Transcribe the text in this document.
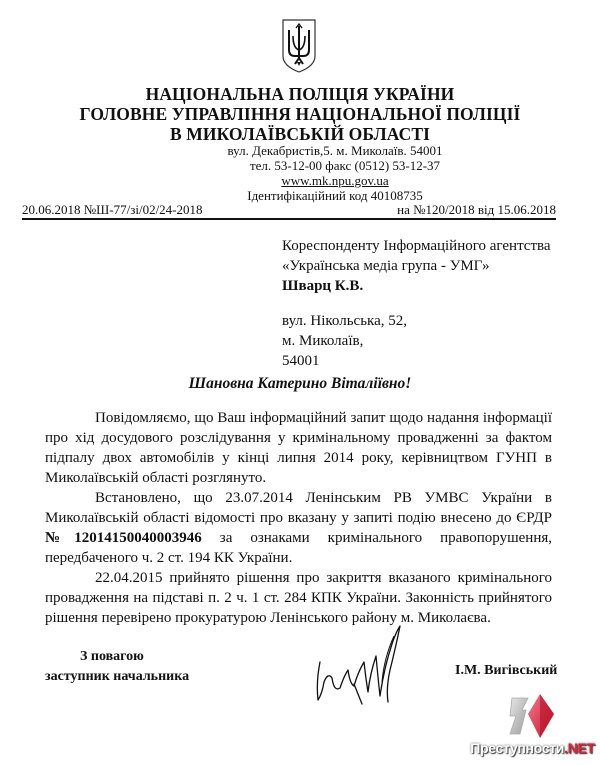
НАЦІОНАЛЬНА ПОЛІЦІЯ УКРАЇНИ
ГОЛОВНЕ УПРАВЛІННЯ НАЦІОНАЛЬНОЇ ПОЛІЦІЇ
В МИКОЛАЇВСЬКІЙ ОБЛАСТІ
вул. Декабристів,5. м. Миколаїв. 54001
тел. 53-12-00 факс (0512) 53-12-37
www.mk.npu.gov.ua
Ідентифікаційний код 40108735
20.06.2018 №Ш-77/зі/02/24-2018	на №120/2018 від 15.06.2018
Кореспонденту Інформаційного агентства
«Українська медіа група - УМГ»
Шварц К.В.
вул. Нікольська, 52,
м. Миколаїв,
54001
Шановна Катерино Віталіївно!

Повідомляємо, що Ваш інформаційний запит щодо надання інформації про хід досудового розслідування у кримінальному провадженні за фактом підпалу двох автомобілів у кінці липня 2014 року, керівництвом ГУНП в Миколаївській області розглянуто.

Встановлено, що 23.07.2014 Ленінським РВ УМВС України в Миколаївській області відомості про вказану у запиті подію внесено до ЄРДР №12014150040003946 за ознаками кримінального правопорушення, передбаченого ч. 2 ст. 194 КК України.

22.04.2015 прийнято рішення про закриття вказаного кримінального провадження на підставі п. 2 ч. 1 ст. 284 КПК України. Законність прийнятого рішення перевірено прокуратурою Ленінського району м. Миколаєва.

З повагою
заступник начальника	І.М. Вигівський
Преступности.NET
